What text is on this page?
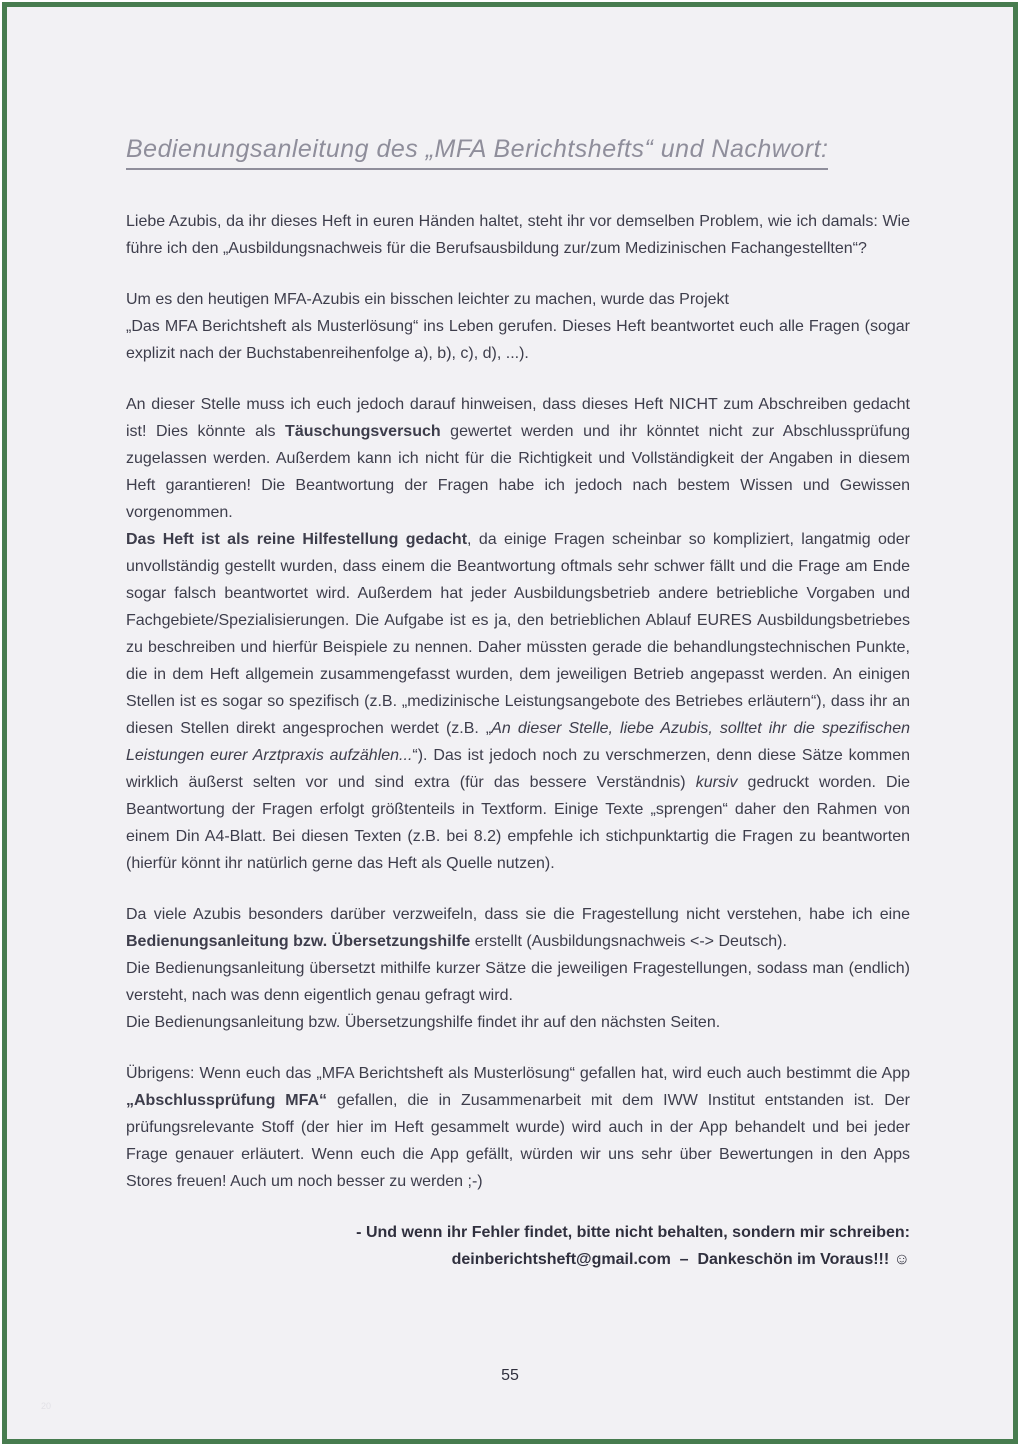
Bedienungsanleitung des „MFA Berichtshefts“ und Nachwort:

Liebe Azubis, da ihr dieses Heft in euren Händen haltet, steht ihr vor demselben Problem, wie ich damals: Wie führe ich den „Ausbildungsnachweis für die Berufsausbildung zur/zum Medizinischen Fachangestellten“?

Um es den heutigen MFA-Azubis ein bisschen leichter zu machen, wurde das Projekt
„Das MFA Berichtsheft als Musterlösung“ ins Leben gerufen. Dieses Heft beantwortet euch alle Fragen (sogar explizit nach der Buchstabenreihenfolge a), b), c), d), ...).

An dieser Stelle muss ich euch jedoch darauf hinweisen, dass dieses Heft NICHT zum Abschreiben gedacht ist! Dies könnte als Täuschungsversuch gewertet werden und ihr könntet nicht zur Abschlussprüfung zugelassen werden. Außerdem kann ich nicht für die Richtigkeit und Vollständigkeit der Angaben in diesem Heft garantieren! Die Beantwortung der Fragen habe ich jedoch nach bestem Wissen und Gewissen vorgenommen.

Das Heft ist als reine Hilfestellung gedacht, da einige Fragen scheinbar so kompliziert, langatmig oder unvollständig gestellt wurden, dass einem die Beantwortung oftmals sehr schwer fällt und die Frage am Ende sogar falsch beantwortet wird. Außerdem hat jeder Ausbildungsbetrieb andere betriebliche Vorgaben und Fachgebiete/Spezialisierungen. Die Aufgabe ist es ja, den betrieblichen Ablauf EURES Ausbildungsbetriebes zu beschreiben und hierfür Beispiele zu nennen. Daher müssten gerade die behandlungstechnischen Punkte, die in dem Heft allgemein zusammengefasst wurden, dem jeweiligen Betrieb angepasst werden. An einigen Stellen ist es sogar so spezifisch (z.B. „medizinische Leistungsangebote des Betriebes erläutern“), dass ihr an diesen Stellen direkt angesprochen werdet (z.B. „An dieser Stelle, liebe Azubis, solltet ihr die spezifischen Leistungen eurer Arztpraxis aufzählen...“). Das ist jedoch noch zu verschmerzen, denn diese Sätze kommen wirklich äußerst selten vor und sind extra (für das bessere Verständnis) kursiv gedruckt worden. Die Beantwortung der Fragen erfolgt größtenteils in Textform. Einige Texte „sprengen“ daher den Rahmen von einem Din A4-Blatt. Bei diesen Texten (z.B. bei 8.2) empfehle ich stichpunktartig die Fragen zu beantworten (hierfür könnt ihr natürlich gerne das Heft als Quelle nutzen).

Da viele Azubis besonders darüber verzweifeln, dass sie die Fragestellung nicht verstehen, habe ich eine Bedienungsanleitung bzw. Übersetzungshilfe erstellt (Ausbildungsnachweis <-> Deutsch).
Die Bedienungsanleitung übersetzt mithilfe kurzer Sätze die jeweiligen Fragestellungen, sodass man (endlich) versteht, nach was denn eigentlich genau gefragt wird.
Die Bedienungsanleitung bzw. Übersetzungshilfe findet ihr auf den nächsten Seiten.

Übrigens: Wenn euch das „MFA Berichtsheft als Musterlösung“ gefallen hat, wird euch auch bestimmt die App „Abschlussprüfung MFA“ gefallen, die in Zusammenarbeit mit dem IWW Institut entstanden ist. Der prüfungsrelevante Stoff (der hier im Heft gesammelt wurde) wird auch in der App behandelt und bei jeder Frage genauer erläutert. Wenn euch die App gefällt, würden wir uns sehr über Bewertungen in den Apps Stores freuen! Auch um noch besser zu werden ;-)

- Und wenn ihr Fehler findet, bitte nicht behalten, sondern mir schreiben:
deinberichtsheft@gmail.com  –  Dankeschön im Voraus!!! ☺

55
20
